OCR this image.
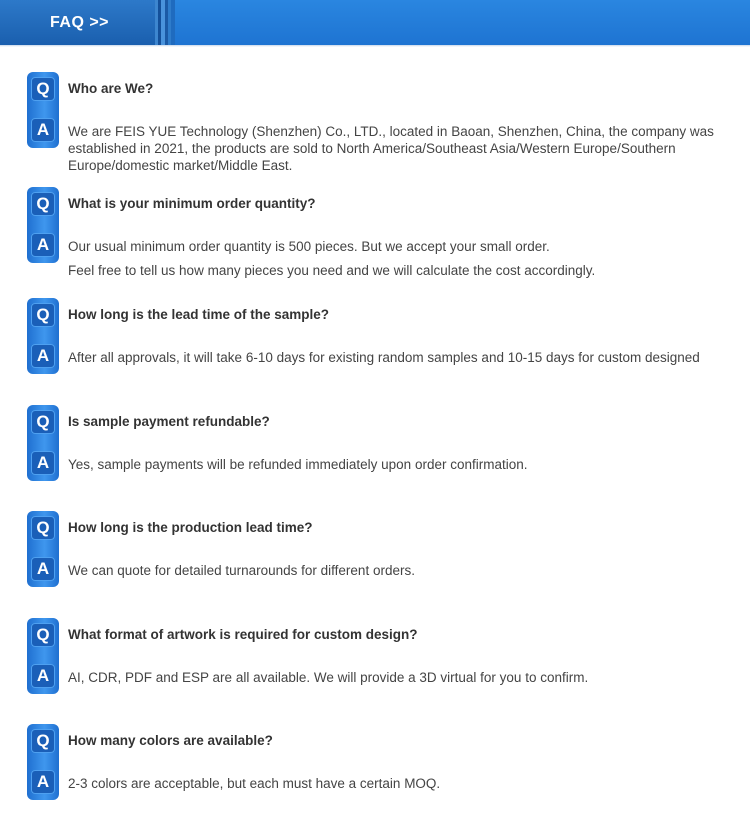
FAQ >>
Q
A
Who are We?
We are FEIS YUE Technology (Shenzhen) Co., LTD., located in Baoan, Shenzhen, China, the company was established in 2021, the products are sold to North America/Southeast Asia/Western Europe/Southern Europe/domestic market/Middle East.
Q
A
What is your minimum order quantity?
Our usual minimum order quantity is 500 pieces. But we accept your small order.
Feel free to tell us how many pieces you need and we will calculate the cost accordingly.
Q
A
How long is the lead time of the sample?
After all approvals, it will take 6-10 days for existing random samples and 10-15 days for custom designed
Q
A
Is sample payment refundable?
Yes, sample payments will be refunded immediately upon order confirmation.
Q
A
How long is the production lead time?
We can quote for detailed turnarounds for different orders.
Q
A
What format of artwork is required for custom design?
AI, CDR, PDF and ESP are all available. We will provide a 3D virtual for you to confirm.
Q
A
How many colors are available?
2-3 colors are acceptable, but each must have a certain MOQ.
